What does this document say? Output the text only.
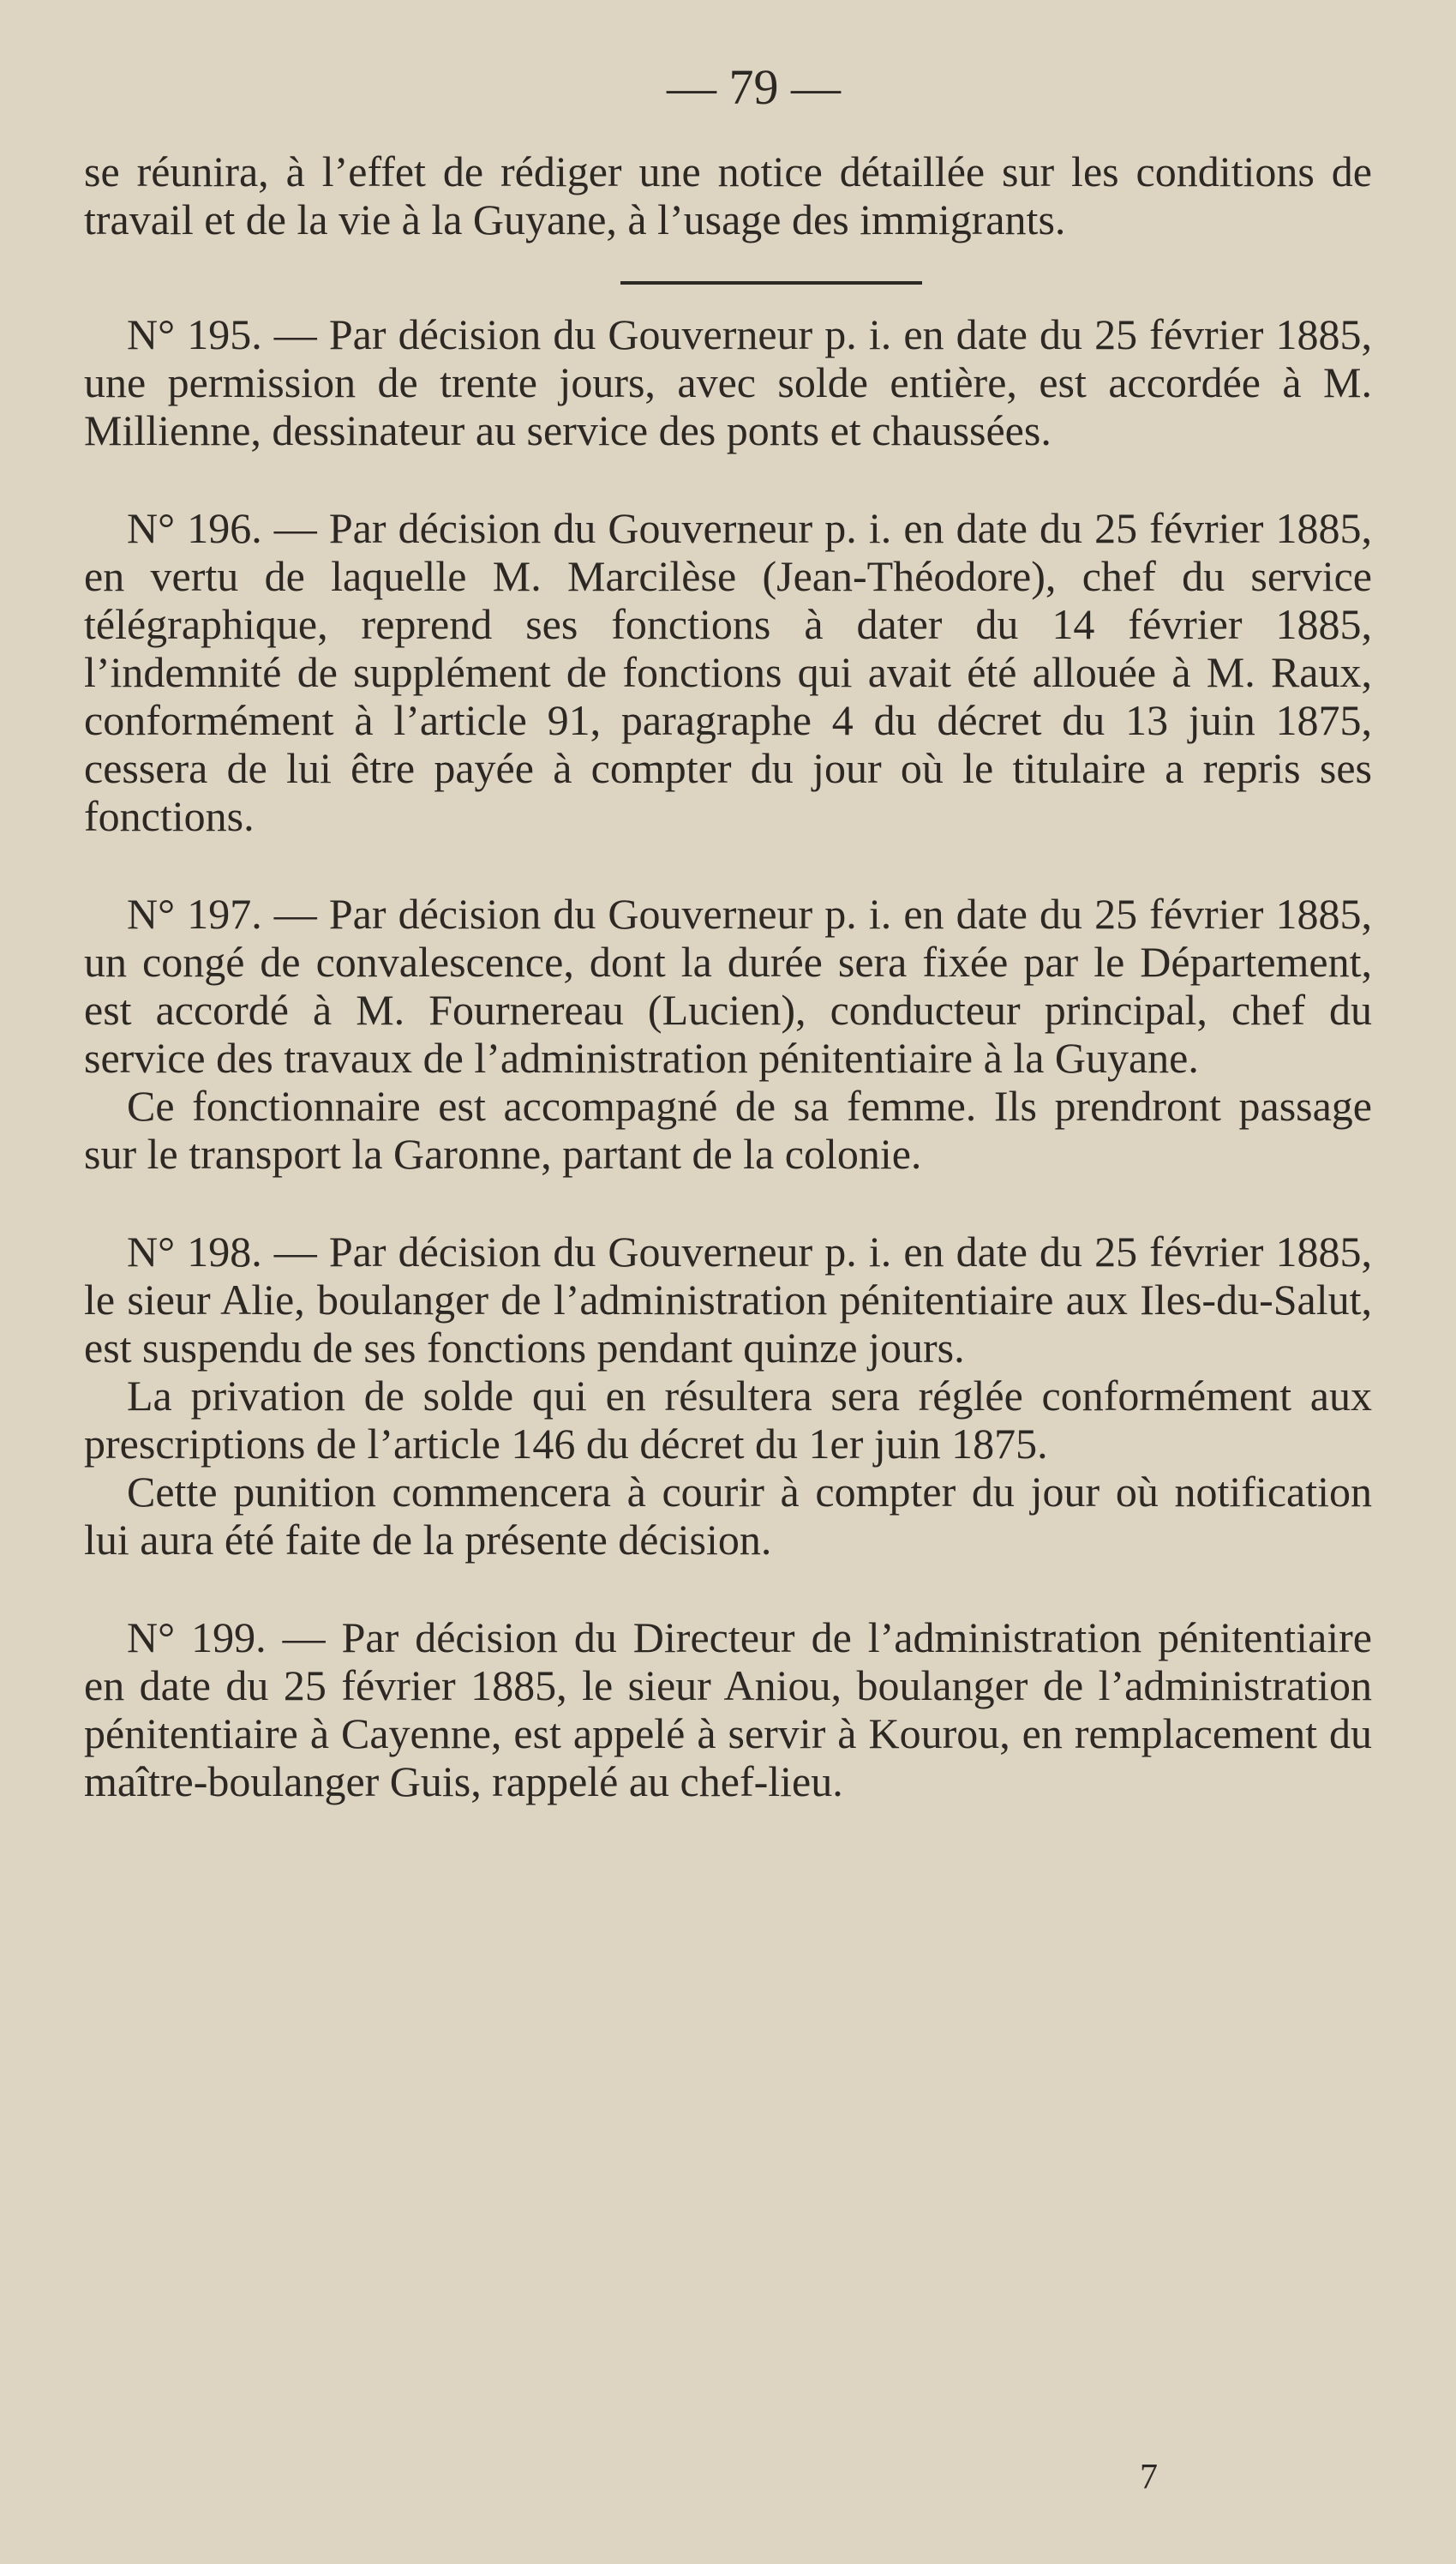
— 79 —

se réunira, à l’effet de rédiger une notice détaillée sur les conditions de travail et de la vie à la Guyane, à l’usage des immigrants.

N° 195. — Par décision du Gouverneur p. i. en date du 25 février 1885, une permission de trente jours, avec solde entière, est accordée à M. Millienne, dessinateur au service des ponts et chaussées.

N° 196. — Par décision du Gouverneur p. i. en date du 25 février 1885, en vertu de laquelle M. Marcilèse (Jean-Théodore), chef du service télégraphique, reprend ses fonctions à dater du 14 février 1885, l’indemnité de supplément de fonctions qui avait été allouée à M. Raux, conformément à l’article 91, paragraphe 4 du décret du 13 juin 1875, cessera de lui être payée à compter du jour où le titulaire a repris ses fonctions.

N° 197. — Par décision du Gouverneur p. i. en date du 25 février 1885, un congé de convalescence, dont la durée sera fixée par le Département, est accordé à M. Fournereau (Lucien), conducteur principal, chef du service des travaux de l’administration pénitentiaire à la Guyane.

Ce fonctionnaire est accompagné de sa femme. Ils prendront passage sur le transport la Garonne, partant de la colonie.

N° 198. — Par décision du Gouverneur p. i. en date du 25 février 1885, le sieur Alie, boulanger de l’administration pénitentiaire aux Iles-du-Salut, est suspendu de ses fonctions pendant quinze jours.

La privation de solde qui en résultera sera réglée conformément aux prescriptions de l’article 146 du décret du 1er juin 1875.

Cette punition commencera à courir à compter du jour où notification lui aura été faite de la présente décision.

N° 199. — Par décision du Directeur de l’administration pénitentiaire en date du 25 février 1885, le sieur Aniou, boulanger de l’administration pénitentiaire à Cayenne, est appelé à servir à Kourou, en remplacement du maître-boulanger Guis, rappelé au chef-lieu.

7
